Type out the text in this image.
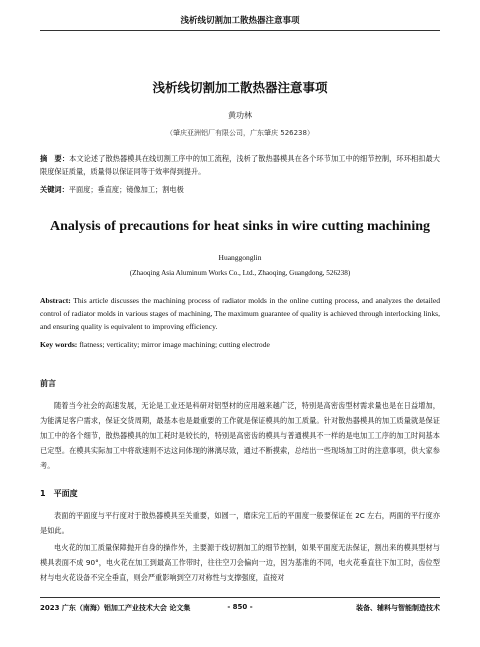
浅析线切割加工散热器注意事项
浅析线切割加工散热器注意事项
黄功林
（肇庆亚洲铝厂有限公司，广东肇庆 526238）
摘　要：本文论述了散热器模具在线切割工序中的加工流程，浅析了散热器模具在各个环节加工中的细节控制，环环相扣最大限度保证质量，质量得以保证同等于效率得到提升。
关键词：平面度；垂直度；镜像加工；割电极
Analysis of precautions for heat sinks in wire cutting machining
Huanggonglin
(Zhaoqing Asia Aluminum Works Co., Ltd., Zhaoqing, Guangdong, 526238)
Abstract: This article discusses the machining process of radiator molds in the online cutting process, and analyzes the detailed control of radiator molds in various stages of machining, The maximum guarantee of quality is achieved through interlocking links, and ensuring quality is equivalent to improving efficiency.
Key words: flatness; verticality; mirror image machining; cutting electrode
前言
随着当今社会的高速发展，无论是工业还是科研对铝型材的应用越来越广泛，特别是高密齿型材需求量也是在日益增加，为能满足客户需求，保证交货周期，最基本也是最重要的工作就是保证模具的加工质量。针对散热器模具的加工质量就是保证加工中的各个细节，散热器模具的加工耗时是较长的，特别是高密齿的模具与普通模具不一样的是电加工工序的加工时间基本已定型。在模具实际加工中将欲速则不达这问体现的淋漓尽致，通过不断摸索，总结出一些现场加工时的注意事项，供大家参考。
1　平面度
表面的平面度与平行度对于散热器模具至关重要，如圆一，磨床完工后的平面度一般要保证在 2C 左右，两面的平行度亦是如此。
电火花的加工质量保障抛开自身的操作外，主要源于线切割加工的细节控制，如果平面度无法保证，割出来的模具型材与模具表面不成 90°，电火花在加工到最高工作带时，往往空刀会偏向一边，因为基准的不同，电火花垂直往下加工时，齿位型材与电火花设备不完全垂直，则会严重影响到空刀对称性与支撑强度，直接对
2023 广东（南海）铝加工产业技术大会 论文集	- 850 -	装备、辅料与智能制造技术
